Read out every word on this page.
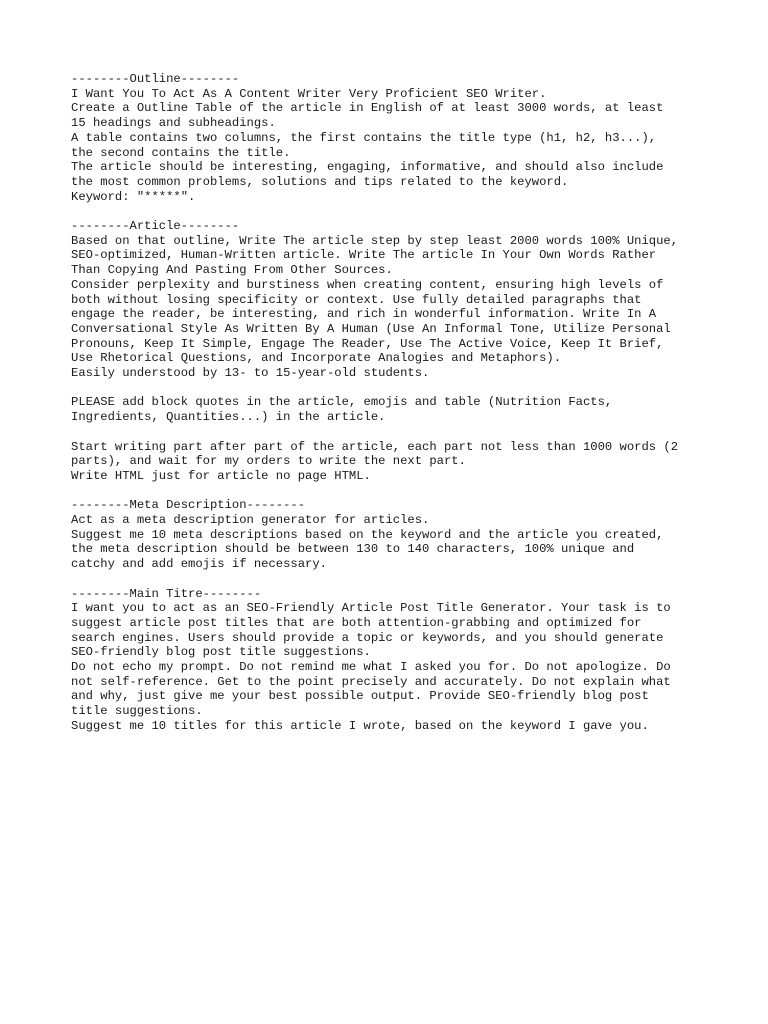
--------Outline--------
I Want You To Act As A Content Writer Very Proficient SEO Writer.
Create a Outline Table of the article in English of at least 3000 words, at least
15 headings and subheadings.
A table contains two columns, the first contains the title type (h1, h2, h3...),
the second contains the title.
The article should be interesting, engaging, informative, and should also include
the most common problems, solutions and tips related to the keyword.
Keyword: "*****".
--------Article--------
Based on that outline, Write The article step by step least 2000 words 100% Unique,
SEO-optimized, Human-Written article. Write The article In Your Own Words Rather
Than Copying And Pasting From Other Sources.
Consider perplexity and burstiness when creating content, ensuring high levels of
both without losing specificity or context. Use fully detailed paragraphs that
engage the reader, be interesting, and rich in wonderful information. Write In A
Conversational Style As Written By A Human (Use An Informal Tone, Utilize Personal
Pronouns, Keep It Simple, Engage The Reader, Use The Active Voice, Keep It Brief,
Use Rhetorical Questions, and Incorporate Analogies and Metaphors).
Easily understood by 13- to 15-year-old students.
PLEASE add block quotes in the article, emojis and table (Nutrition Facts,
Ingredients, Quantities...) in the article.
Start writing part after part of the article, each part not less than 1000 words (2
parts), and wait for my orders to write the next part.
Write HTML just for article no page HTML.
--------Meta Description--------
Act as a meta description generator for articles.
Suggest me 10 meta descriptions based on the keyword and the article you created,
the meta description should be between 130 to 140 characters, 100% unique and
catchy and add emojis if necessary.
--------Main Titre--------
I want you to act as an SEO-Friendly Article Post Title Generator. Your task is to
suggest article post titles that are both attention-grabbing and optimized for
search engines. Users should provide a topic or keywords, and you should generate
SEO-friendly blog post title suggestions.
Do not echo my prompt. Do not remind me what I asked you for. Do not apologize. Do
not self-reference. Get to the point precisely and accurately. Do not explain what
and why, just give me your best possible output. Provide SEO-friendly blog post
title suggestions.
Suggest me 10 titles for this article I wrote, based on the keyword I gave you.
